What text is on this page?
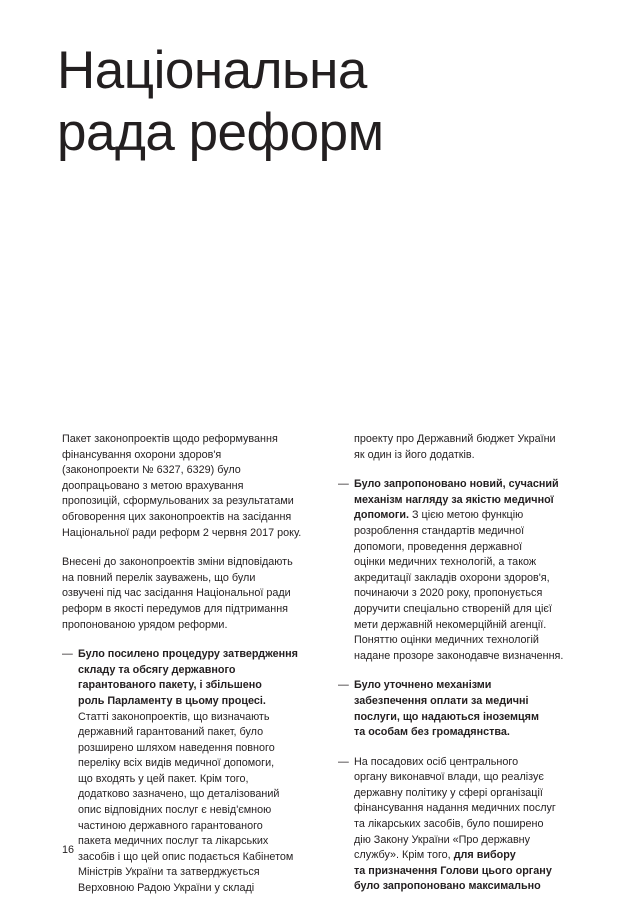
Національна
рада реформ

Пакет законопроектів щодо реформування
фінансування охорони здоров'я
(законопроекти № 6327, 6329) було
доопрацьовано з метою врахування
пропозицій, сформульованих за результатами
обговорення цих законопроектів на засідання
Національної ради реформ 2 червня 2017 року.

Внесені до законопроектів зміни відповідають
на повний перелік зауважень, що були
озвучені під час засідання Національної ради
реформ в якості передумов для підтримання
пропонованою урядом реформи.

— Було посилено процедуру затвердження
складу та обсягу державного
гарантованого пакету, і збільшено
роль Парламенту в цьому процесі.
Статті законопроектів, що визначають
державний гарантований пакет, було
розширено шляхом наведення повного
переліку всіх видів медичної допомоги,
що входять у цей пакет. Крім того,
додатково зазначено, що деталізований
опис відповідних послуг є невід'ємною
частиною державного гарантованого
пакета медичних послуг та лікарських
засобів і що цей опис подається Кабінетом
Міністрів України та затверджується
Верховною Радою України у складі

проекту про Державний бюджет України
як один із його додатків.

— Було запропоновано новий, сучасний
механізм нагляду за якістю медичної
допомоги. З цією метою функцію
розроблення стандартів медичної
допомоги, проведення державної
оцінки медичних технологій, а також
акредитації закладів охорони здоров'я,
починаючи з 2020 року, пропонується
доручити спеціально створеній для цієї
мети державній некомерційній агенції.
Поняттю оцінки медичних технологій
надане прозоре законодавче визначення.

— Було уточнено механізми
забезпечення оплати за медичні
послуги, що надаються іноземцям
та особам без громадянства.

— На посадових осіб центрального
органу виконавчої влади, що реалізує
державну політику у сфері організації
фінансування надання медичних послуг
та лікарських засобів, було поширено
дію Закону України «Про державну
службу». Крім того, для вибору
та призначення Голови цього органу
було запропоновано максимально

16
